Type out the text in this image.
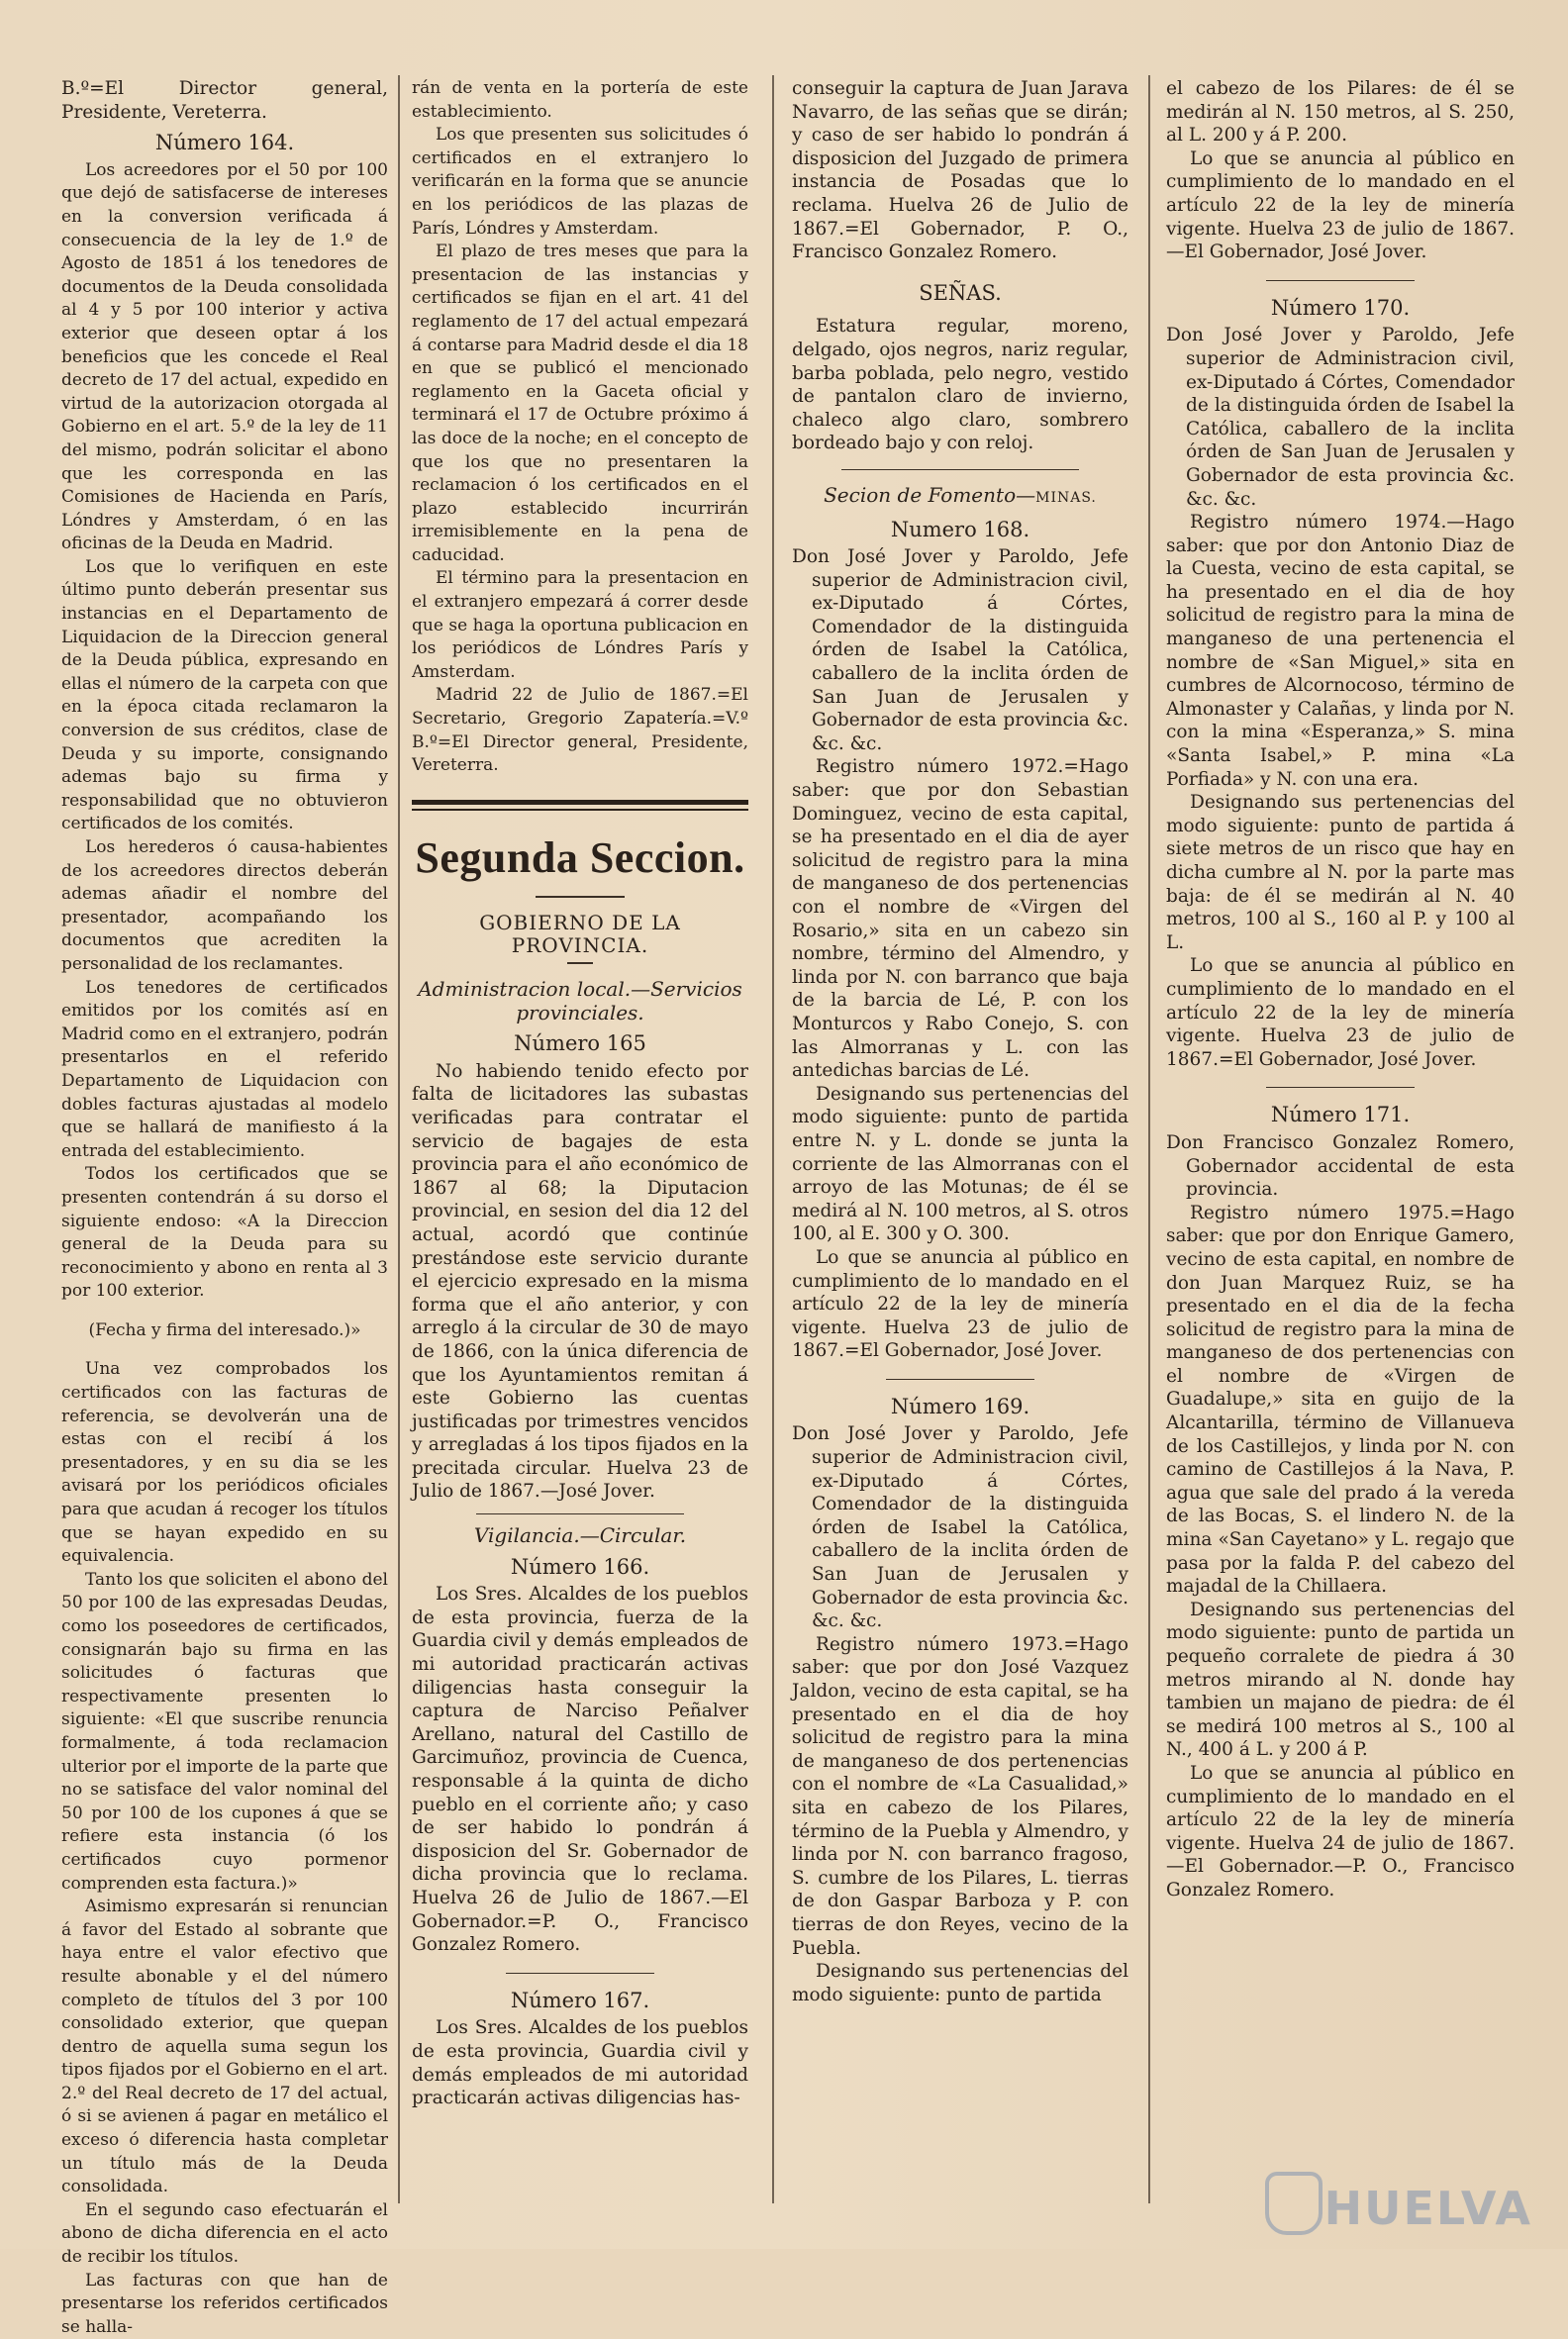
B.º=El Director general, Presidente, Vereterra.

Número 164.

Los acreedores por el 50 por 100 que dejó de satisfacerse de intereses en la conversion verificada á consecuencia de la ley de 1.º de Agosto de 1851 á los tenedores de documentos de la Deuda consolidada al 4 y 5 por 100 interior y activa exterior que deseen optar á los beneficios que les concede el Real decreto de 17 del actual, expedido en virtud de la autorizacion otorgada al Gobierno en el art. 5.º de la ley de 11 del mismo, podrán solicitar el abono que les corresponda en las Comisiones de Hacienda en París, Lóndres y Amsterdam, ó en las oficinas de la Deuda en Madrid.

Los que lo verifiquen en este último punto deberán presentar sus instancias en el Departamento de Liquidacion de la Direccion general de la Deuda pública, expresando en ellas el número de la carpeta con que en la época citada reclamaron la conversion de sus créditos, clase de Deuda y su importe, consignando ademas bajo su firma y responsabilidad que no obtuvieron certificados de los comités.

Los herederos ó causa-habientes de los acreedores directos deberán ademas añadir el nombre del presentador, acompañando los documentos que acrediten la personalidad de los reclamantes.

Los tenedores de certificados emitidos por los comités así en Madrid como en el extranjero, podrán presentarlos en el referido Departamento de Liquidacion con dobles facturas ajustadas al modelo que se hallará de manifiesto á la entrada del establecimiento.

Todos los certificados que se presenten contendrán á su dorso el siguiente endoso: «A la Direccion general de la Deuda para su reconocimiento y abono en renta al 3 por 100 exterior.

(Fecha y firma del interesado.)»

Una vez comprobados los certificados con las facturas de referencia, se devolverán una de estas con el recibí á los presentadores, y en su dia se les avisará por los periódicos oficiales para que acudan á recoger los títulos que se hayan expedido en su equivalencia.

Tanto los que soliciten el abono del 50 por 100 de las expresadas Deudas, como los poseedores de certificados, consignarán bajo su firma en las solicitudes ó facturas que respectivamente presenten lo siguiente: «El que suscribe renuncia formalmente, á toda reclamacion ulterior por el importe de la parte que no se satisface del valor nominal del 50 por 100 de los cupones á que se refiere esta instancia (ó los certificados cuyo pormenor comprenden esta factura.)»

Asimismo expresarán si renuncian á favor del Estado al sobrante que haya entre el valor efectivo que resulte abonable y el del número completo de títulos del 3 por 100 consolidado exterior, que quepan dentro de aquella suma segun los tipos fijados por el Gobierno en el art. 2.º del Real decreto de 17 del actual, ó si se avienen á pagar en metálico el exceso ó diferencia hasta completar un título más de la Deuda consolidada.

En el segundo caso efectuarán el abono de dicha diferencia en el acto de recibir los títulos.

Las facturas con que han de presentarse los referidos certificados se halla-

rán de venta en la portería de este establecimiento.

Los que presenten sus solicitudes ó certificados en el extranjero lo verificarán en la forma que se anuncie en los periódicos de las plazas de París, Lóndres y Amsterdam.

El plazo de tres meses que para la presentacion de las instancias y certificados se fijan en el art. 41 del reglamento de 17 del actual empezará á contarse para Madrid desde el dia 18 en que se publicó el mencionado reglamento en la Gaceta oficial y terminará el 17 de Octubre próximo á las doce de la noche; en el concepto de que los que no presentaren la reclamacion ó los certificados en el plazo establecido incurrirán irremisiblemente en la pena de caducidad.

El término para la presentacion en el extranjero empezará á correr desde que se haga la oportuna publicacion en los periódicos de Lóndres París y Amsterdam.

Madrid 22 de Julio de 1867.=El Secretario, Gregorio Zapatería.=V.º B.º=El Director general, Presidente, Vereterra.

Segunda Seccion.

GOBIERNO DE LA PROVINCIA.

Administracion local.—Servicios provinciales.

Número 165

No habiendo tenido efecto por falta de licitadores las subastas verificadas para contratar el servicio de bagajes de esta provincia para el año económico de 1867 al 68; la Diputacion provincial, en sesion del dia 12 del actual, acordó que continúe prestándose este servicio durante el ejercicio expresado en la misma forma que el año anterior, y con arreglo á la circular de 30 de mayo de 1866, con la única diferencia de que los Ayuntamientos remitan á este Gobierno las cuentas justificadas por trimestres vencidos y arregladas á los tipos fijados en la precitada circular. Huelva 23 de Julio de 1867.—José Jover.

Vigilancia.—Circular.

Número 166.

Los Sres. Alcaldes de los pueblos de esta provincia, fuerza de la Guardia civil y demás empleados de mi autoridad practicarán activas diligencias hasta conseguir la captura de Narciso Peñalver Arellano, natural del Castillo de Garcimuñoz, provincia de Cuenca, responsable á la quinta de dicho pueblo en el corriente año; y caso de ser habido lo pondrán á disposicion del Sr. Gobernador de dicha provincia que lo reclama. Huelva 26 de Julio de 1867.—El Gobernador.=P. O., Francisco Gonzalez Romero.

Número 167.

Los Sres. Alcaldes de los pueblos de esta provincia, Guardia civil y demás empleados de mi autoridad practicarán activas diligencias has-

conseguir la captura de Juan Jarava Navarro, de las señas que se dirán; y caso de ser habido lo pondrán á disposicion del Juzgado de primera instancia de Posadas que lo reclama. Huelva 26 de Julio de 1867.=El Gobernador, P. O., Francisco Gonzalez Romero.

SEÑAS.

Estatura regular, moreno, delgado, ojos negros, nariz regular, barba poblada, pelo negro, vestido de pantalon claro de invierno, chaleco algo claro, sombrero bordeado bajo y con reloj.

Secion de Fomento—MINAS.

Numero 168.

Don José Jover y Paroldo, Jefe superior de Administracion civil, ex-Diputado á Córtes, Comendador de la distinguida órden de Isabel la Católica, caballero de la inclita órden de San Juan de Jerusalen y Gobernador de esta provincia &c. &c. &c.

Registro número 1972.=Hago saber: que por don Sebastian Dominguez, vecino de esta capital, se ha presentado en el dia de ayer solicitud de registro para la mina de manganeso de dos pertenencias con el nombre de «Virgen del Rosario,» sita en un cabezo sin nombre, término del Almendro, y linda por N. con barranco que baja de la barcia de Lé, P. con los Monturcos y Rabo Conejo, S. con las Almorranas y L. con las antedichas barcias de Lé.

Designando sus pertenencias del modo siguiente: punto de partida entre N. y L. donde se junta la corriente de las Almorranas con el arroyo de las Motunas; de él se medirá al N. 100 metros, al S. otros 100, al E. 300 y O. 300.

Lo que se anuncia al público en cumplimiento de lo mandado en el artículo 22 de la ley de minería vigente. Huelva 23 de julio de 1867.=El Gobernador, José Jover.

Número 169.

Don José Jover y Paroldo, Jefe superior de Administracion civil, ex-Diputado á Córtes, Comendador de la distinguida órden de Isabel la Católica, caballero de la inclita órden de San Juan de Jerusalen y Gobernador de esta provincia &c. &c. &c.

Registro número 1973.=Hago saber: que por don José Vazquez Jaldon, vecino de esta capital, se ha presentado en el dia de hoy solicitud de registro para la mina de manganeso de dos pertenencias con el nombre de «La Casualidad,» sita en cabezo de los Pilares, término de la Puebla y Almendro, y linda por N. con barranco fragoso, S. cumbre de los Pilares, L. tierras de don Gaspar Barboza y P. con tierras de don Reyes, vecino de la Puebla.

Designando sus pertenencias del modo siguiente: punto de partida

el cabezo de los Pilares: de él se medirán al N. 150 metros, al S. 250, al L. 200 y á P. 200.

Lo que se anuncia al público en cumplimiento de lo mandado en el artículo 22 de la ley de minería vigente. Huelva 23 de julio de 1867.—El Gobernador, José Jover.

Número 170.

Don José Jover y Paroldo, Jefe superior de Administracion civil, ex-Diputado á Córtes, Comendador de la distinguida órden de Isabel la Católica, caballero de la inclita órden de San Juan de Jerusalen y Gobernador de esta provincia &c. &c. &c.

Registro número 1974.—Hago saber: que por don Antonio Diaz de la Cuesta, vecino de esta capital, se ha presentado en el dia de hoy solicitud de registro para la mina de manganeso de una pertenencia el nombre de «San Miguel,» sita en cumbres de Alcornocoso, término de Almonaster y Calañas, y linda por N. con la mina «Esperanza,» S. mina «Santa Isabel,» P. mina «La Porfiada» y N. con una era.

Designando sus pertenencias del modo siguiente: punto de partida á siete metros de un risco que hay en dicha cumbre al N. por la parte mas baja: de él se medirán al N. 40 metros, 100 al S., 160 al P. y 100 al L.

Lo que se anuncia al público en cumplimiento de lo mandado en el artículo 22 de la ley de minería vigente. Huelva 23 de julio de 1867.=El Gobernador, José Jover.

Número 171.

Don Francisco Gonzalez Romero, Gobernador accidental de esta provincia.

Registro número 1975.=Hago saber: que por don Enrique Gamero, vecino de esta capital, en nombre de don Juan Marquez Ruiz, se ha presentado en el dia de la fecha solicitud de registro para la mina de manganeso de dos pertenencias con el nombre de «Virgen de Guadalupe,» sita en guijo de la Alcantarilla, término de Villanueva de los Castillejos, y linda por N. con camino de Castillejos á la Nava, P. agua que sale del prado á la vereda de las Bocas, S. el lindero N. de la mina «San Cayetano» y L. regajo que pasa por la falda P. del cabezo del majadal de la Chillaera.

Designando sus pertenencias del modo siguiente: punto de partida un pequeño corralete de piedra á 30 metros mirando al N. donde hay tambien un majano de piedra: de él se medirá 100 metros al S., 100 al N., 400 á L. y 200 á P.

Lo que se anuncia al público en cumplimiento de lo mandado en el artículo 22 de la ley de minería vigente. Huelva 24 de julio de 1867.—El Gobernador.—P. O., Francisco Gonzalez Romero.

HUELVA
